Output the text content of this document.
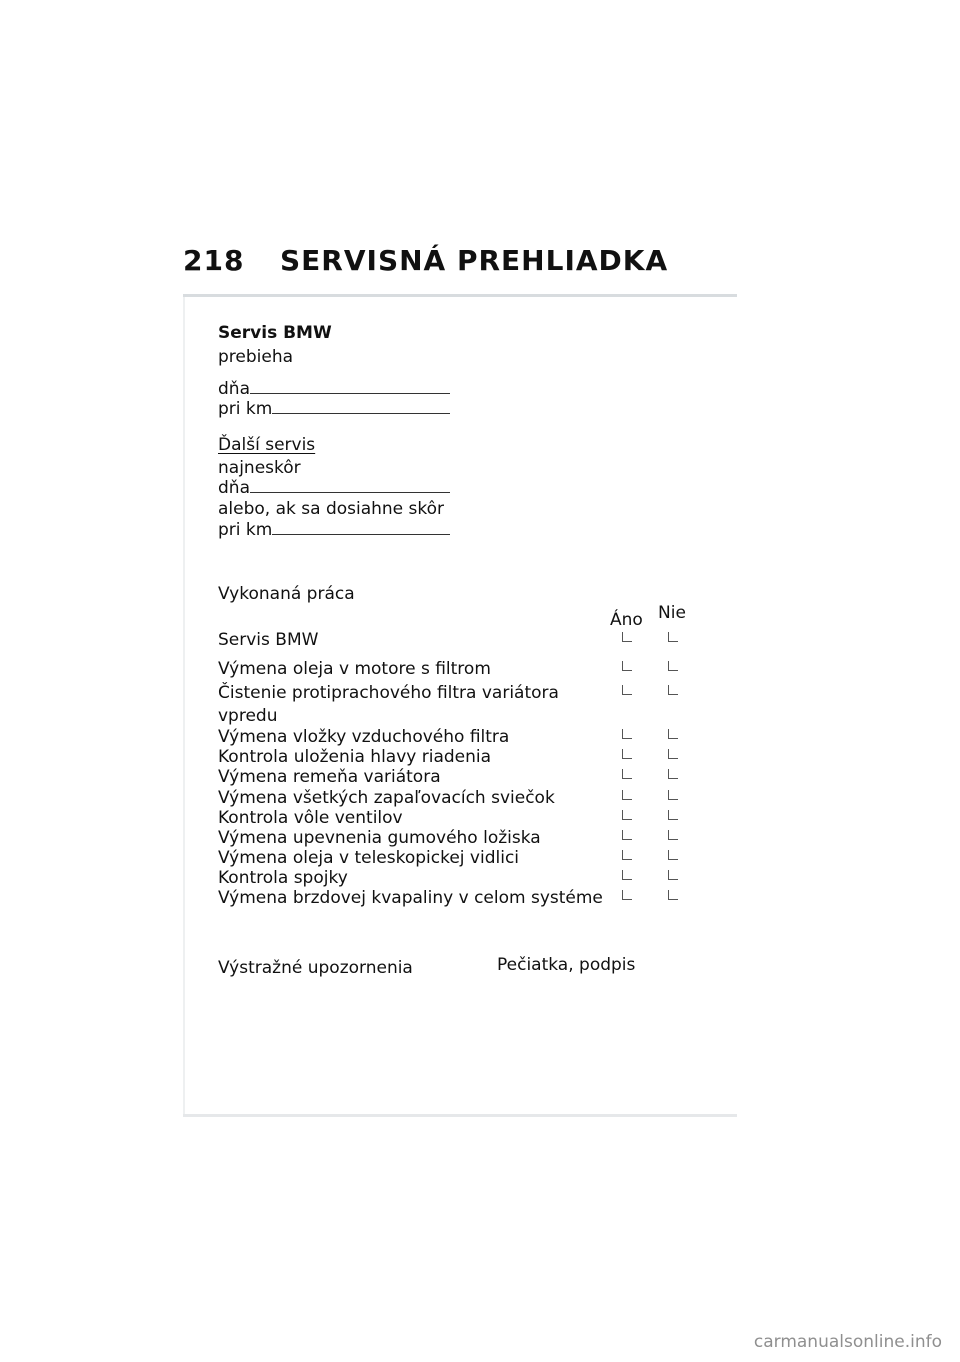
218 SERVISNÁ PREHLIADKA
Servis BMW
prebieha
dňa
pri km
Ďalší servis
najneskôr
dňa
alebo, ak sa dosiahne skôr
pri km
Vykonaná práca
Áno Nie
Servis BMW
Výmena oleja v motore s filtrom
Čistenie protiprachového filtra variátora
vpredu
Výmena vložky vzduchového filtra
Kontrola uloženia hlavy riadenia
Výmena remeňa variátora
Výmena všetkých zapaľovacích sviečok
Kontrola vôle ventilov
Výmena upevnenia gumového ložiska
Výmena oleja v teleskopickej vidlici
Kontrola spojky
Výmena brzdovej kvapaliny v celom systéme
Výstražné upozornenia	Pečiatka, podpis
carmanualsonline.info
